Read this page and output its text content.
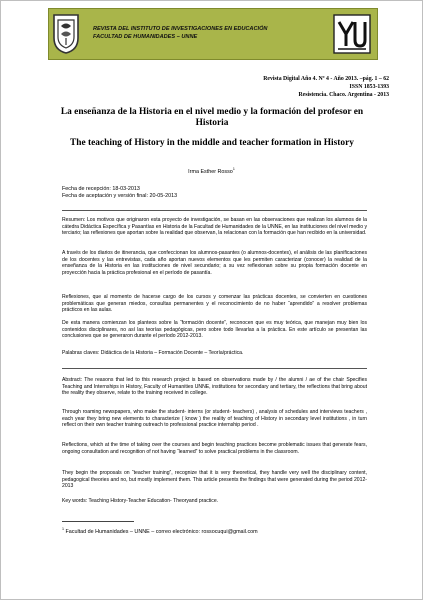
REVISTA DEL INSTITUTO DE INVESTIGACIONES EN EDUCACIÓN
FACULTAD DE HUMANIDADES – UNNE
Revista Digital Año 4. Nº 4 - Año 2013. –pág. 1 – 62
ISSN 1853-1393
Resistencia. Chaco. Argentina - 2013
La enseñanza de la Historia en el nivel medio y la formación del profesor en Historia
The teaching of History in the middle and teacher formation in History
Irma Esther Rosso$^1$
Fecha de recepción: 18-03-2013
Fecha de aceptación y versión final: 20-05-2013

Resumen: Los motivos que originaron esta proyecto de investigación, se basan en las observaciones que realizan los alumnos de la cátedra Didáctica Específica y Pasantías en Historia de la Facultad de Humanidades de la UNNE, en las instituciones del nivel medio y terciario; las reflexiones que aportan sobre la realidad que observan, la relacionan con la formación que han recibido en la universidad.

A través de los diarios de itinerancia, que confeccionan los alumnos-pasantes (o alumnos-docentes), el análisis de las planificaciones de los docentes y las entrevistas, cada año aportan nuevos elementos que les permiten caracterizar (conocer) la realidad de la enseñanza de la Historia en las instituciones de nivel secundario; a su vez reflexionan sobre su propia formación docente en proyección hacia la práctica profesional en el período de pasantía.

Reflexiones, que al momento de hacerse cargo de los cursos y comenzar las prácticas docentes, se convierten en cuestiones problemáticas que generan miedos, consultas permanentes y el reconocimiento de no haber “aprendido” a resolver problemas prácticos en las aulas.

De esta manera comienzan los planteos sobre la “formación docente”, reconocen que es muy teórica, que manejan muy bien los contenidos disciplinares, no así las teorías pedagógicas, pero sobre todo llevarlas a la práctica. En este artículo se presentan las conclusiones que se generaron durante el período 2012-2013.

Palabras claves: Didáctica de la Historia – Formación Docente – Teoría/práctica.

Abstract: The reasons that led to this research project is based on observations made by / the alumni / ae of the chair Specifies Teaching and Internships in History, Faculty of Humanities UNNE, institutions for secondary and tertiary, the reflections that bring about the reality they observe, relate to the training received in college.

Through roaming newspapers, who make the student- interns (or student- teachers) , analysis of schedules and interviews teachers , each year they bring new elements to characterize ( know ) the reality of teaching of History in secondary level institutions , in turn reflect on their own teacher training outreach to professional practice internship period .

Reflections, which at the time of taking over the courses and begin teaching practices become problematic issues that generate fears, ongoing consultation and recognition of not having “learned” to solve practical problems in the classroom.

They begin the proposals on “teacher training”, recognize that it is very theoretical, they handle very well the disciplinary content, pedagogical theories and no, but mostly implement them. This article presents the findings that were generated during the period 2012-2013

Key words: Teaching History-Teacher Education- Theoryand practice.

$^1$ Facultad de Humanidades – UNNE – correo electrónico: rossocuqui@gmail.com
